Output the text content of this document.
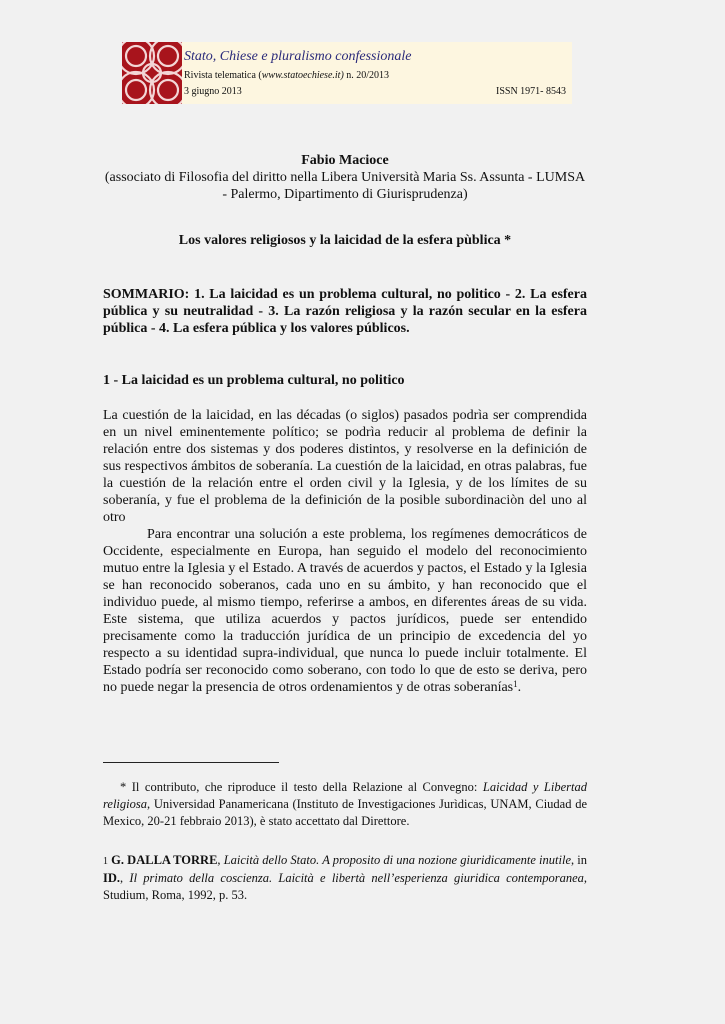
Stato, Chiese e pluralismo confessionale
Rivista telematica (www.statoechiese.it) n. 20/2013
3 giugno 2013	ISSN 1971- 8543
Fabio Macioce
(associato di Filosofia del diritto nella Libera Università Maria Ss. Assunta - LUMSA - Palermo, Dipartimento di Giurisprudenza)
Los valores religiosos y la laicidad de la esfera pùblica *
SOMMARIO: 1. La laicidad es un problema cultural, no politico - 2. La esfera pública y su neutralidad - 3. La razón religiosa y la razón secular en la esfera pública - 4. La esfera pública y los valores públicos.
1 - La laicidad es un problema cultural, no politico
La cuestión de la laicidad, en las décadas (o siglos) pasados podrìa ser comprendida en un nivel eminentemente político; se podrìa reducir al problema de definir la relación entre dos sistemas y dos poderes distintos, y resolverse en la definición de sus respectivos ámbitos de soberanía. La cuestión de la laicidad, en otras palabras, fue la cuestión de la relación entre el orden civil y la Iglesia, y de los límites de su soberanía, y fue el problema de la definición de la posible subordinaciòn del uno al otro
Para encontrar una solución a este problema, los regímenes democráticos de Occidente, especialmente en Europa, han seguido el modelo del reconocimiento mutuo entre la Iglesia y el Estado. A través de acuerdos y pactos, el Estado y la Iglesia se han reconocido soberanos, cada uno en su ámbito, y han reconocido que el individuo puede, al mismo tiempo, referirse a ambos, en diferentes áreas de su vida. Este sistema, que utiliza acuerdos y pactos jurídicos, puede ser entendido precisamente como la traducción jurídica de un principio de excedencia del yo respecto a su identidad supra-individual, que nunca lo puede incluir totalmente. El Estado podría ser reconocido como soberano, con todo lo que de esto se deriva, pero no puede negar la presencia de otros ordenamientos y de otras soberanías$^1$.
* Il contributo, che riproduce il testo della Relazione al Convegno: Laicidad y Libertad religiosa, Universidad Panamericana (Instituto de Investigaciones Jurìdicas, UNAM, Ciudad de Mexico, 20-21 febbraio 2013), è stato accettato dal Direttore.
1 G. DALLA TORRE, Laicità dello Stato. A proposito di una nozione giuridicamente inutile, in ID., Il primato della coscienza. Laicità e libertà nell’esperienza giuridica contemporanea, Studium, Roma, 1992, p. 53.
